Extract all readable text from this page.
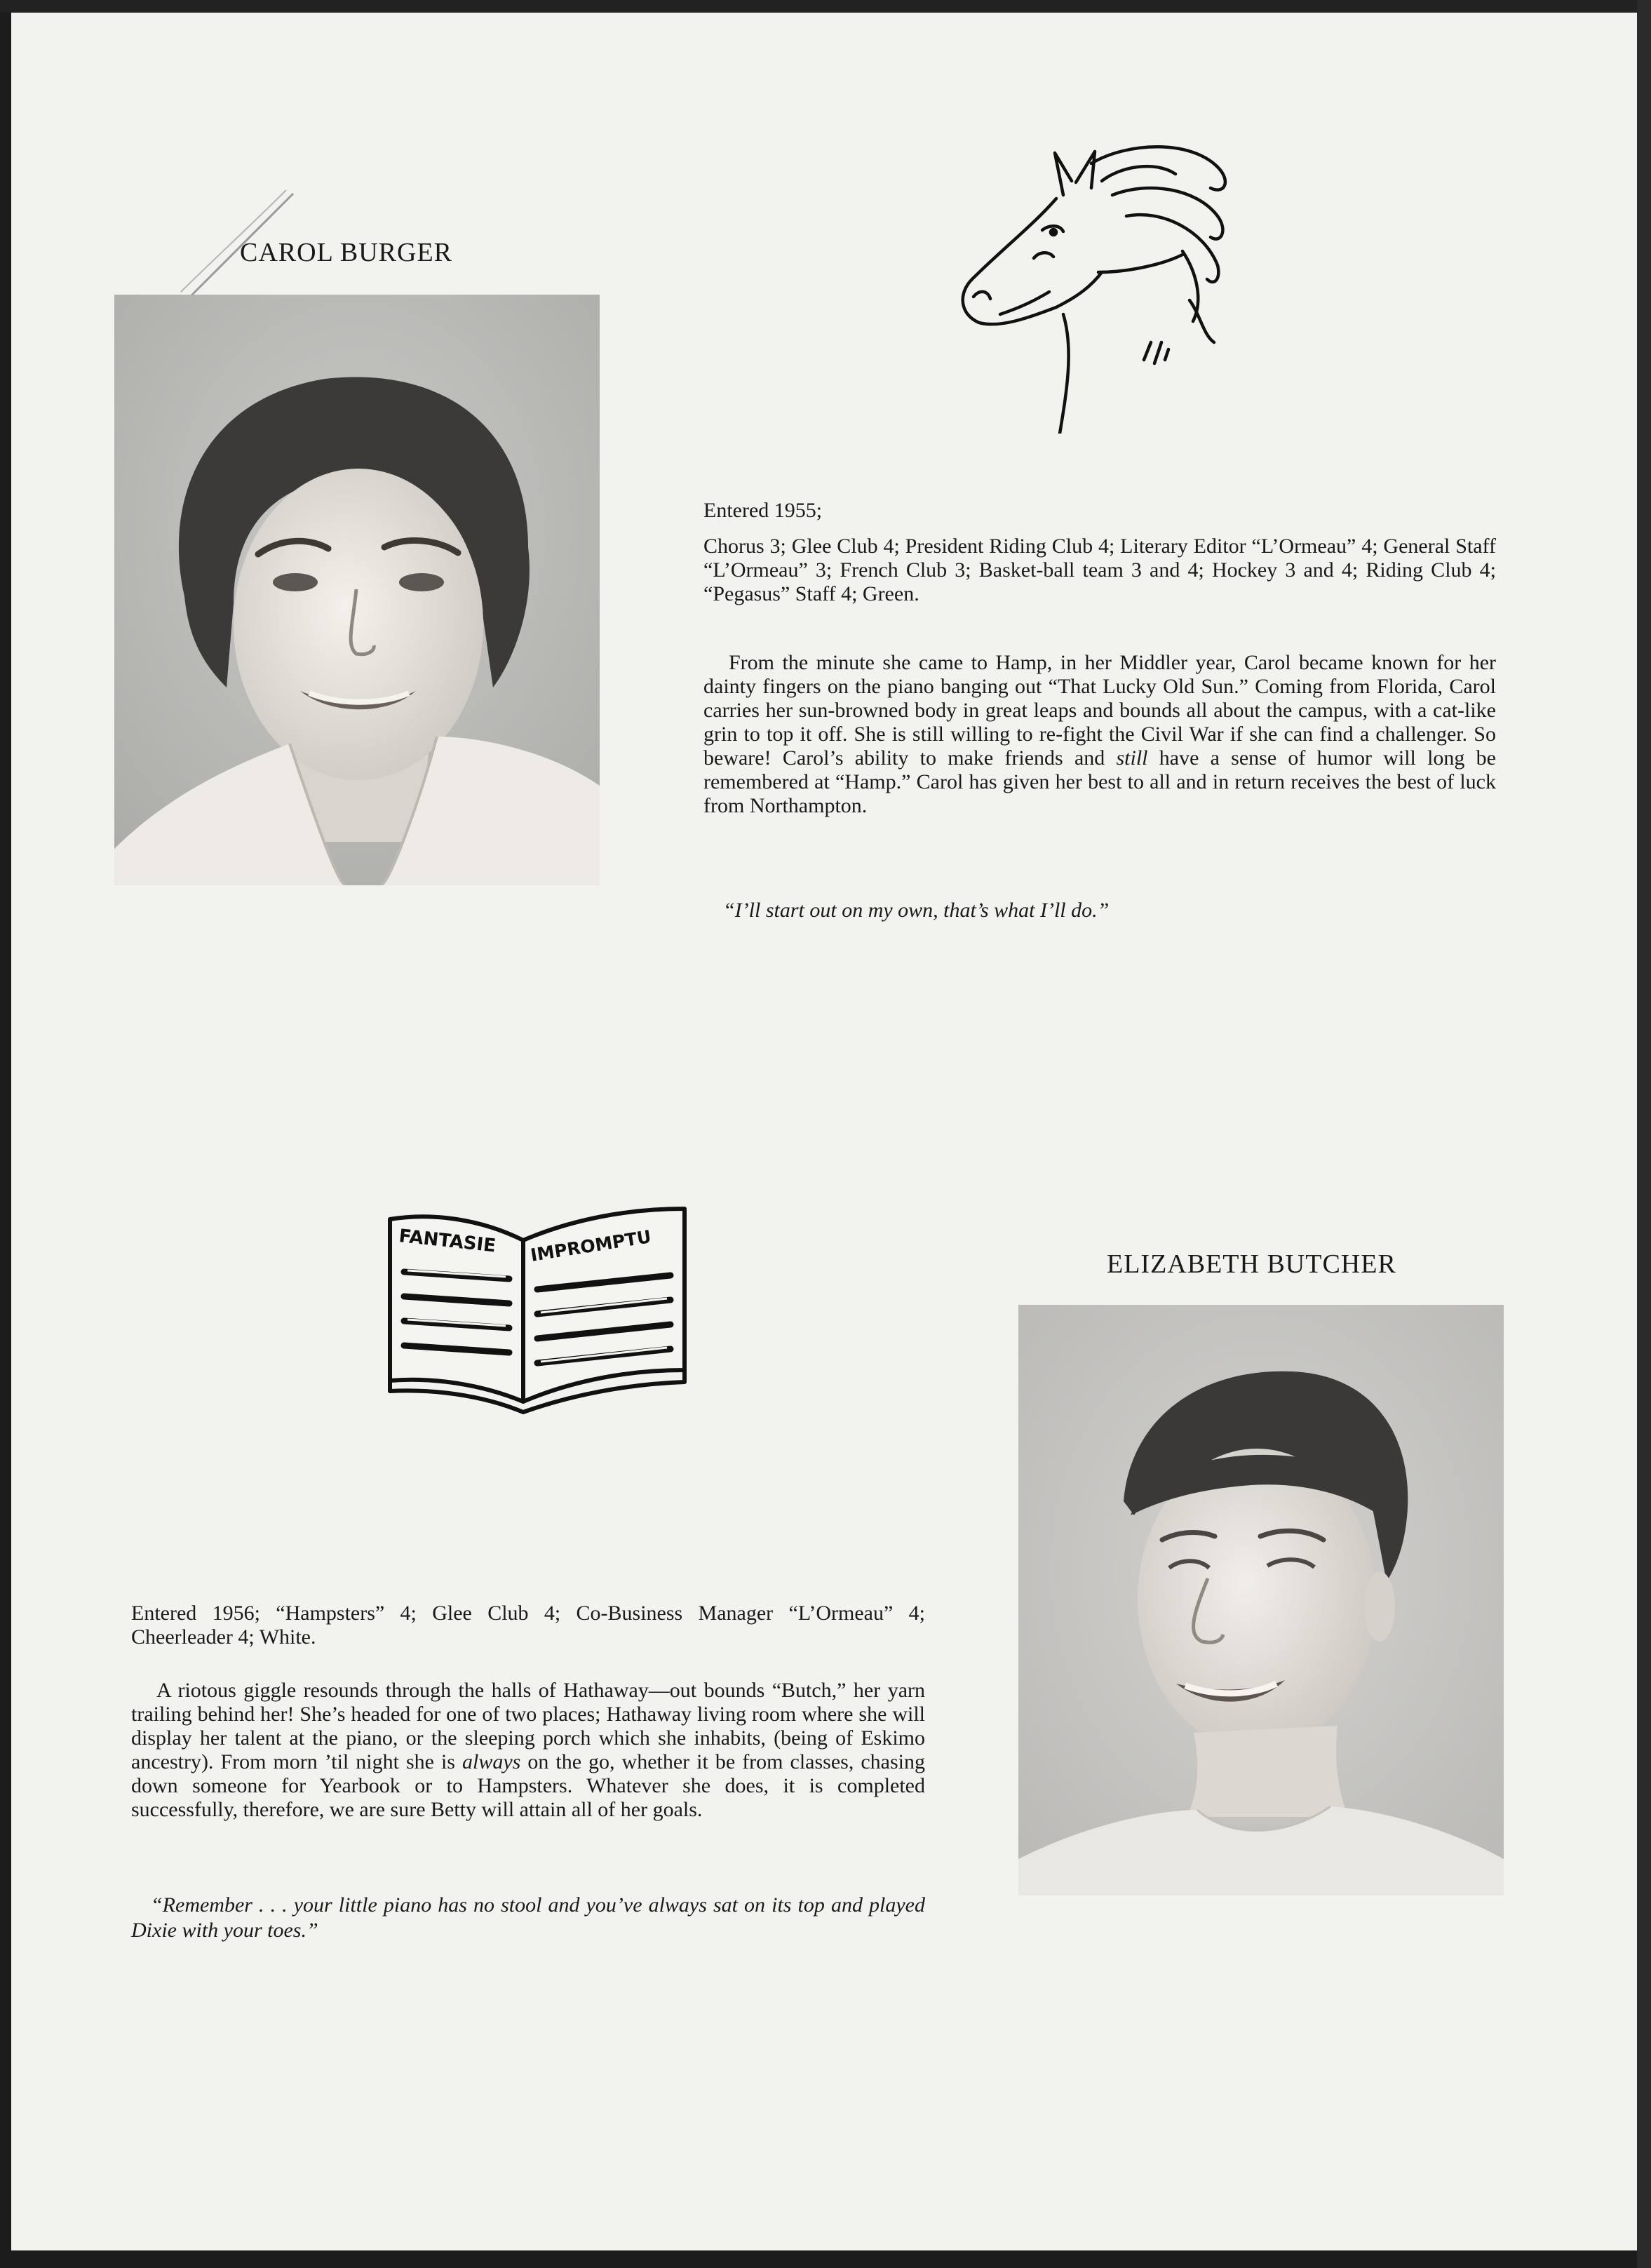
CAROL BURGER

Entered 1955;

Chorus 3; Glee Club 4; President Riding Club 4; Literary Editor “L’Ormeau” 4; General Staff “L’Ormeau” 3; French Club 3; Basket-ball team 3 and 4; Hockey 3 and 4; Riding Club 4; “Pegasus” Staff 4; Green.

From the minute she came to Hamp, in her Middler year, Carol became known for her dainty fingers on the piano banging out “That Lucky Old Sun.” Coming from Florida, Carol carries her sun-browned body in great leaps and bounds all about the campus, with a cat-like grin to top it off. She is still willing to re-fight the Civil War if she can find a challenger. So beware! Carol’s ability to make friends and still have a sense of humor will long be remembered at “Hamp.” Carol has given her best to all and in return receives the best of luck from Northampton.

“I’ll start out on my own, that’s what I’ll do.”

FANTASIE IMPROMPTU	ELIZABETH BUTCHER

Entered 1956; “Hampsters” 4; Glee Club 4; Co-Business Manager “L’Ormeau” 4; Cheerleader 4; White.

A riotous giggle resounds through the halls of Hathaway—out bounds “Butch,” her yarn trailing behind her! She’s headed for one of two places; Hathaway living room where she will display her talent at the piano, or the sleeping porch which she inhabits, (being of Eskimo ancestry). From morn ’til night she is always on the go, whether it be from classes, chasing down someone for Yearbook or to Hampsters. Whatever she does, it is completed successfully, therefore, we are sure Betty will attain all of her goals.

“Remember . . . your little piano has no stool and you’ve always sat on its top and played Dixie with your toes.”
